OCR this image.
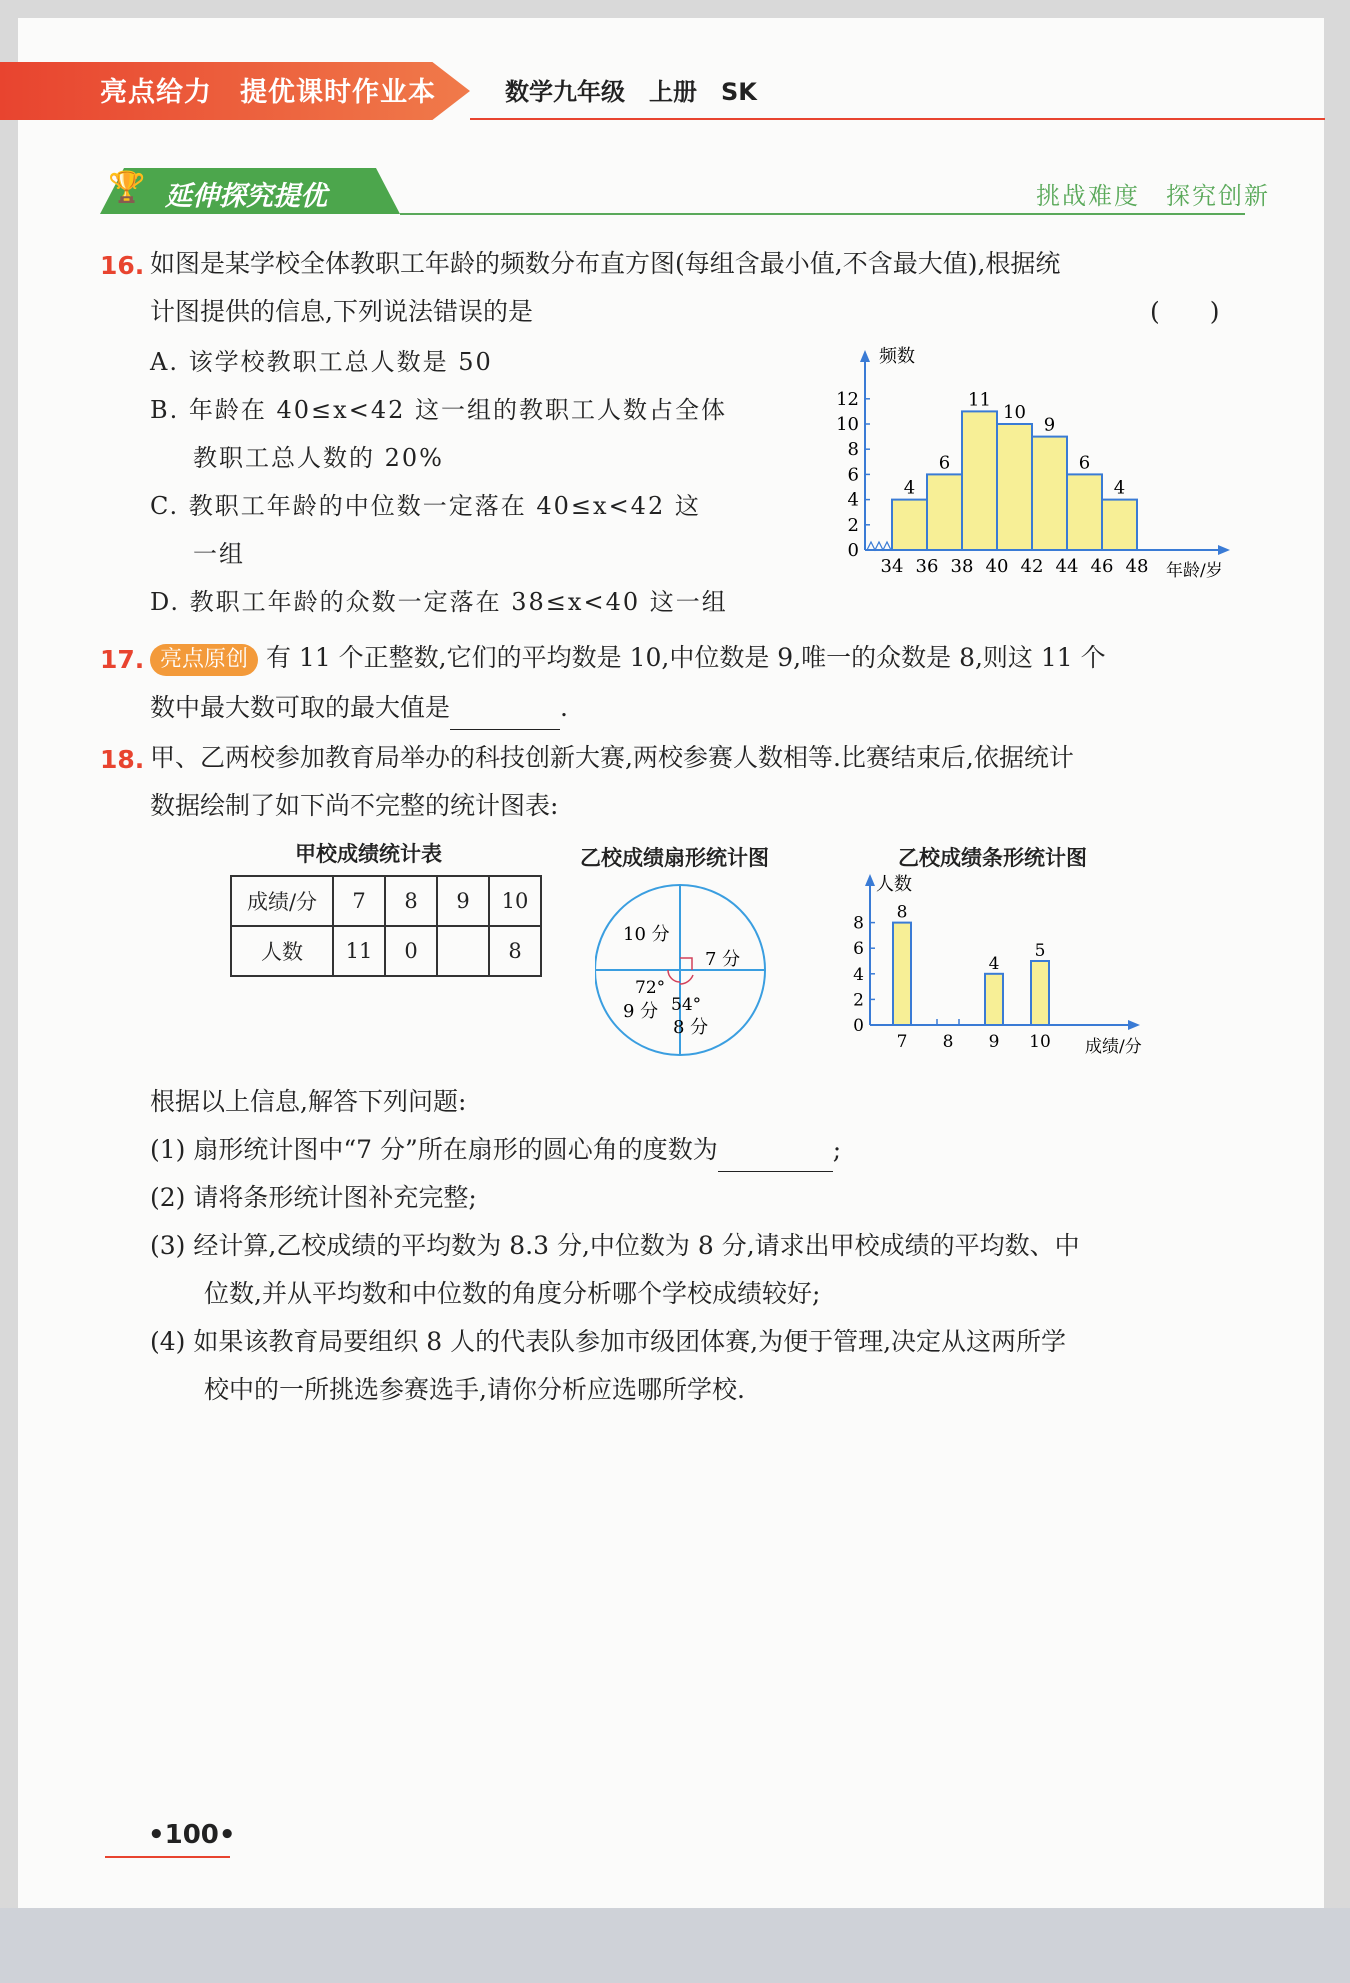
亮点给力　提优课时作业本	数学九年级　上册　SK
🏆 延伸探究提优	挑战难度　探究创新
16. 如图是某学校全体教职工年龄的频数分布直方图(每组含最小值,不含最大值),根据统
计图提供的信息,下列说法错误的是	(　　)
A. 该学校教职工总人数是 50
B. 年龄在 40≤x<42 这一组的教职工人数占全体
教职工总人数的 20%
C. 教职工年龄的中位数一定落在 40≤x<42 这
一组
D. 教职工年龄的众数一定落在 38≤x<40 这一组
频数
年龄/岁
0
2
4
6
8
10
12
34 36 38 40 42 44 46 48
4
6
11
10
9
6
4
17. 亮点原创 有 11 个正整数,它们的平均数是 10,中位数是 9,唯一的众数是 8,则这 11 个
数中最大数可取的最大值是	.
18. 甲、乙两校参加教育局举办的科技创新大赛,两校参赛人数相等.比赛结束后,依据统计
数据绘制了如下尚不完整的统计图表:
甲校成绩统计表	乙校成绩扇形统计图	乙校成绩条形统计图
成绩/分	7	8	9	10
人数	11	0		8
10 分
7 分
8 分
9 分
72°
54°
人数
成绩/分
0
2
4
6
8
7
8
8 9
4
10
5
根据以上信息,解答下列问题:
(1) 扇形统计图中“7 分”所在扇形的圆心角的度数为	;
(2) 请将条形统计图补充完整;
(3) 经计算,乙校成绩的平均数为 8.3 分,中位数为 8 分,请求出甲校成绩的平均数、中
位数,并从平均数和中位数的角度分析哪个学校成绩较好;
(4) 如果该教育局要组织 8 人的代表队参加市级团体赛,为便于管理,决定从这两所学
校中的一所挑选参赛选手,请你分析应选哪所学校.
•100•
